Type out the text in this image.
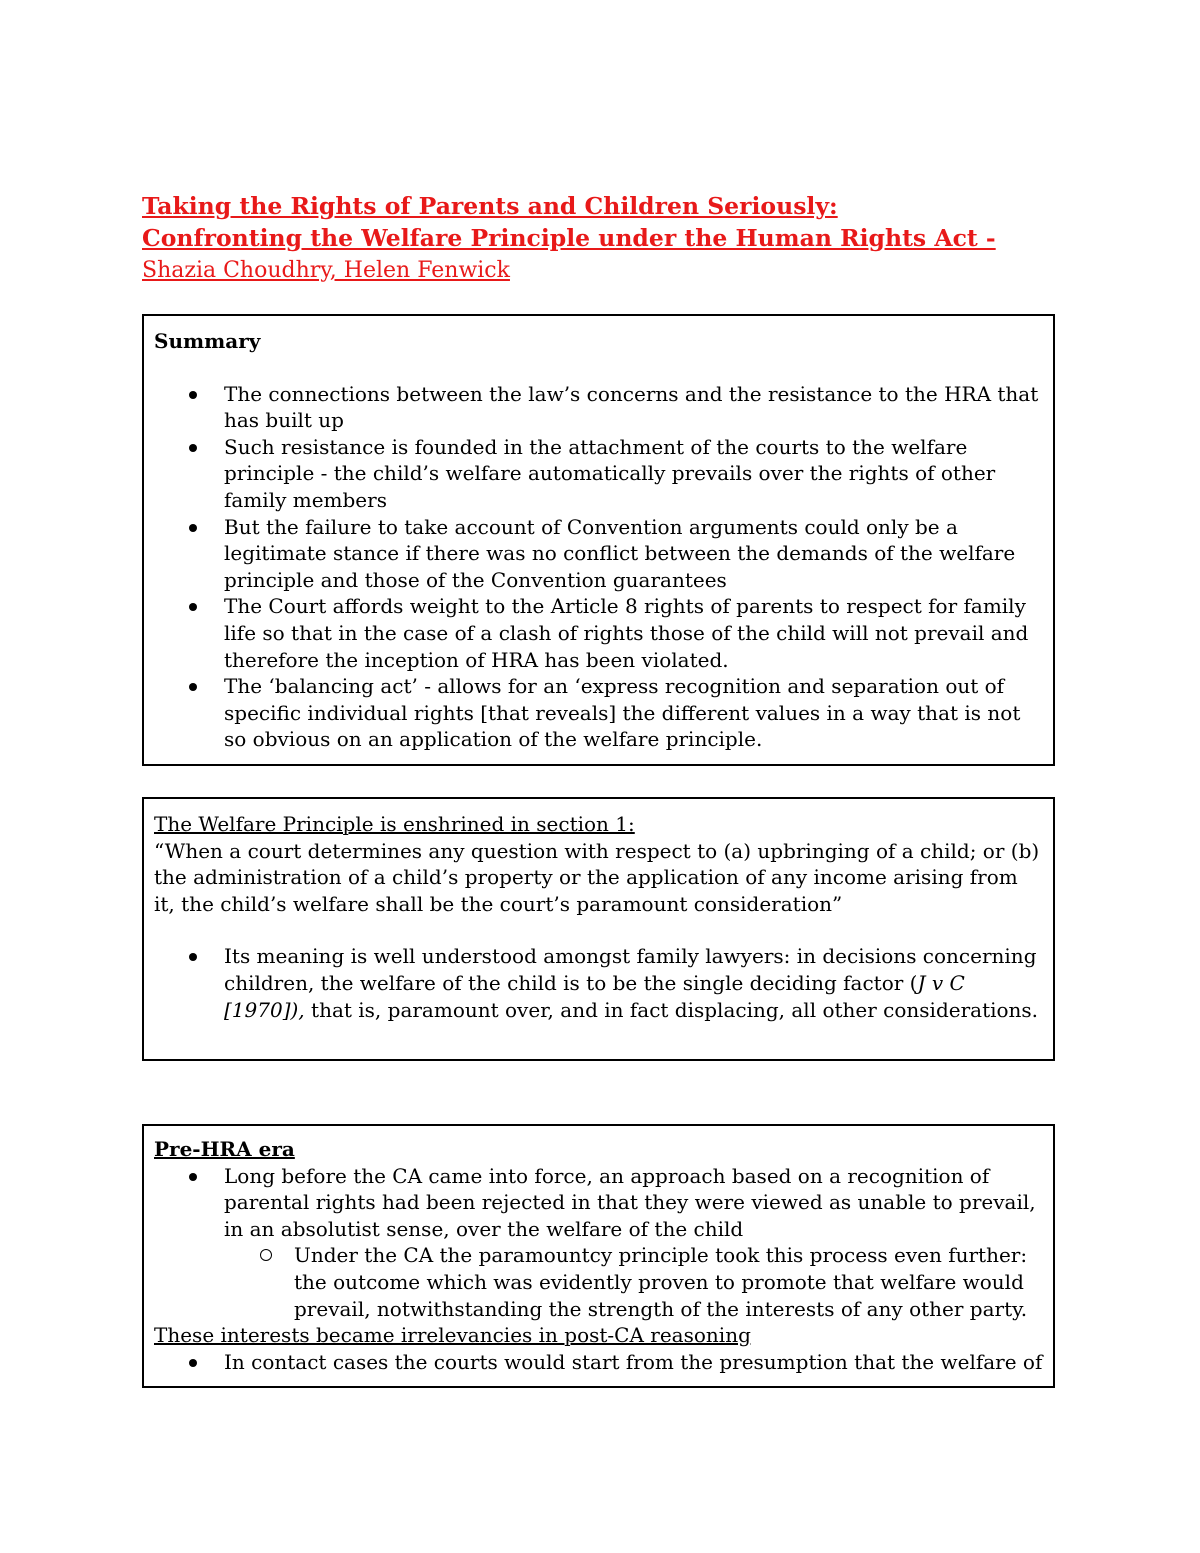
Taking the Rights of Parents and Children Seriously:
Confronting the Welfare Principle under the Human Rights Act -
Shazia Choudhry, Helen Fenwick

Summary

The connections between the law’s concerns and the resistance to the HRA that has built up
Such resistance is founded in the attachment of the courts to the welfare principle - the child’s welfare automatically prevails over the rights of other family members
But the failure to take account of Convention arguments could only be a legitimate stance if there was no conflict between the demands of the welfare principle and those of the Convention guarantees
The Court affords weight to the Article 8 rights of parents to respect for family life so that in the case of a clash of rights those of the child will not prevail and therefore the inception of HRA has been violated.
The ‘balancing act’ - allows for an ‘express recognition and separation out of specific individual rights [that reveals] the different values in a way that is not so obvious on an application of the welfare principle.

The Welfare Principle is enshrined in section 1:

“When a court determines any question with respect to (a) upbringing of a child; or (b) the administration of a child’s property or the application of any income arising from it, the child’s welfare shall be the court’s paramount consideration”

Its meaning is well understood amongst family lawyers: in decisions concerning children, the welfare of the child is to be the single deciding factor (J v C [1970]), that is, paramount over, and in fact displacing, all other considerations.

Pre-HRA era

Long before the CA came into force, an approach based on a recognition of parental rights had been rejected in that they were viewed as unable to prevail, in an absolutist sense, over the welfare of the child
Under the CA the paramountcy principle took this process even further: the outcome which was evidently proven to promote that welfare would prevail, notwithstanding the strength of the interests of any other party.

These interests became irrelevancies in post-CA reasoning

In contact cases the courts would start from the presumption that the welfare of
